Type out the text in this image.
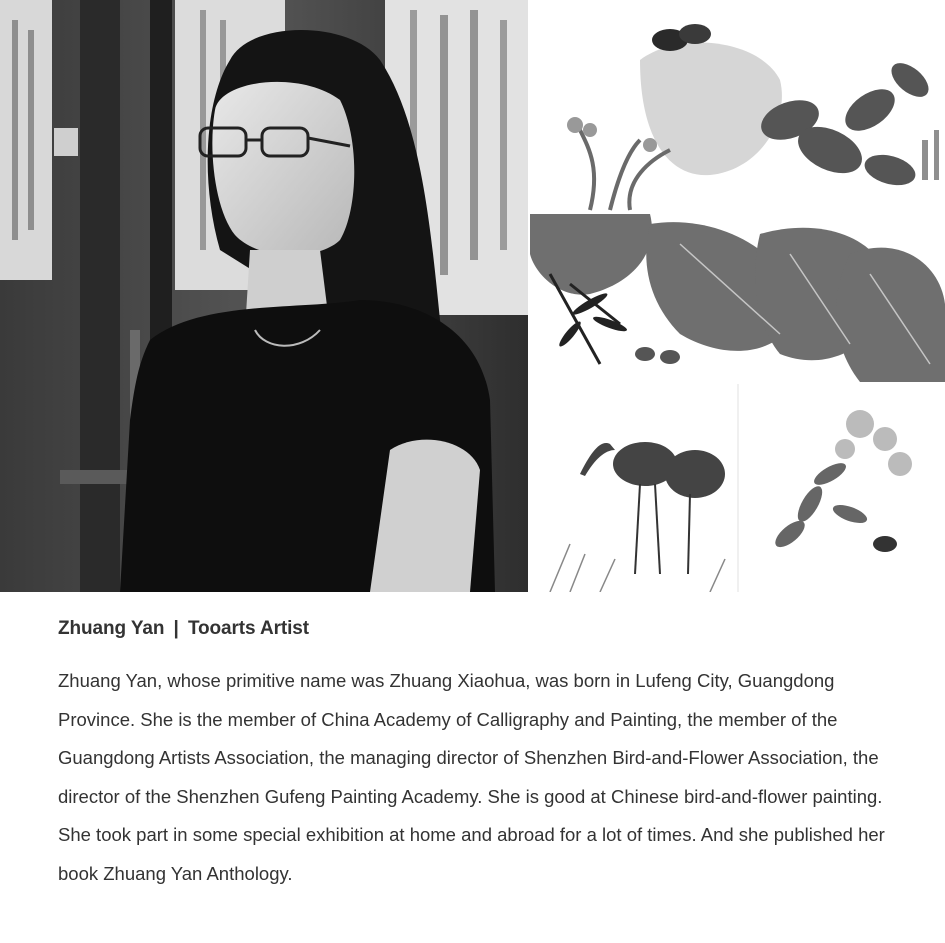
Zhuang Yan | Tooarts Artist

Zhuang Yan, whose primitive name was Zhuang Xiaohua, was born in Lufeng City, Guangdong Province. She is the member of China Academy of Calligraphy and Painting, the member of the Guangdong Artists Association, the managing director of Shenzhen Bird-and-Flower Association, the director of the Shenzhen Gufeng Painting Academy. She is good at Chinese bird-and-flower painting. She took part in some special exhibition at home and abroad for a lot of times. And she published her book Zhuang Yan Anthology.
